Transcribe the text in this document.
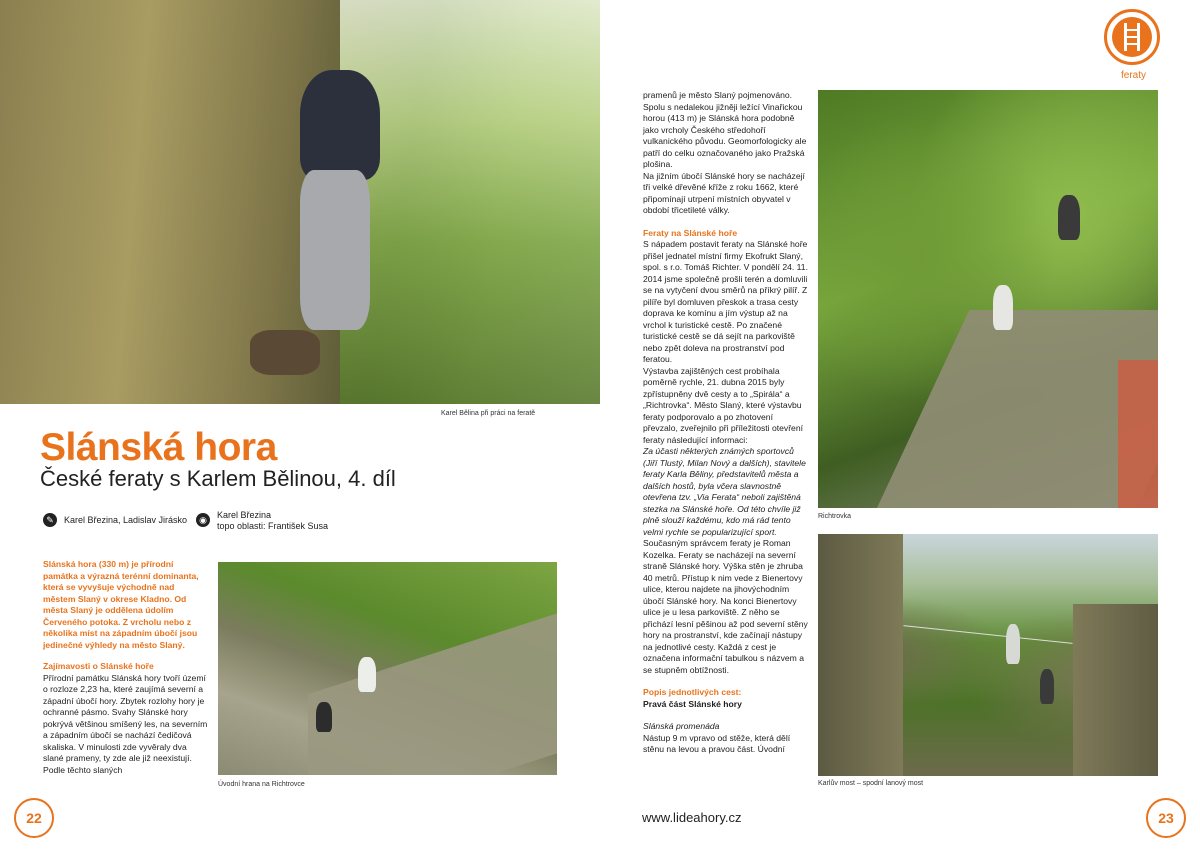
Karel Bělina při práci na feratě
Slánská hora
České feraty s Karlem Bělinou, 4. díl
✎	Karel Březina, Ladislav Jirásko	◉	Karel Březina
topo oblasti: František Susa

Slánská hora (330 m) je přírodní památka a výrazná terénní dominanta, která se vyvyšuje východně nad městem Slaný v okrese Kladno. Od města Slaný je oddělena údolím Červeného potoka. Z vrcholu nebo z několika míst na západním úbočí jsou jedinečné výhledy na město Slaný.

Zajímavosti o Slánské hoře

Přírodní památku Slánská hory tvoří území o rozloze 2,23 ha, které zaujímá severní a západní úbočí hory. Zbytek rozlohy hory je ochranné pásmo. Svahy Slánské hory pokrývá většinou smíšený les, na severním a západním úbočí se nachází čedičová skaliska. V minulosti zde vyvěraly dva slané prameny, ty zde ale již neexistují. Podle těchto slaných

Úvodní hrana na Richtrovce
22
feraty

pramenů je město Slaný pojmenováno. Spolu s nedalekou jižněji ležící Vinařickou horou (413 m) je Slánská hora podobně jako vrcholy Českého středohoří vulkanického původu. Geomorfologicky ale patří do celku označovaného jako Pražská plošina.

Na jižním úbočí Slánské hory se nacházejí tři velké dřevěné kříže z roku 1662, které připomínají utrpení místních obyvatel v období třicetileté války.

Feraty na Slánské hoře

S nápadem postavit feraty na Slánské hoře přišel jednatel místní firmy Ekofrukt Slaný, spol. s r.o. Tomáš Richter. V pondělí 24. 11. 2014 jsme společně prošli terén a domluvili se na vytyčení dvou směrů na příkrý pilíř. Z pilíře byl domluven přeskok a trasa cesty doprava ke komínu a jím výstup až na vrchol k turistické cestě. Po značené turistické cestě se dá sejít na parkoviště nebo zpět doleva na prostranství pod feratou.

Výstavba zajištěných cest probíhala poměrně rychle, 21. dubna 2015 byly zpřístupněny dvě cesty a to „Spirála“ a „Richtrovka“. Město Slaný, které výstavbu feraty podporovalo a po zhotovení převzalo, zveřejnilo při příležitosti otevření feraty následující informaci:

Za účasti některých známých sportovců (Jiří Tlustý, Milan Nový a dalších), stavitele feraty Karla Běliny, představitelů města a dalších hostů, byla včera slavnostně otevřena tzv. „Via Ferata“ neboli zajištěná stezka na Slánské hoře. Od této chvíle již plně slouží každému, kdo má rád tento velmi rychle se popularizující sport.

Současným správcem feraty je Roman Kozelka. Feraty se nacházejí na severní straně Slánské hory. Výška stěn je zhruba 40 metrů. Přístup k nim vede z Bienertovy ulice, kterou najdete na jihovýchodním úbočí Slánské hory. Na konci Bienertovy ulice je u lesa parkoviště. Z něho se přichází lesní pěšinou až pod severní stěny hory na prostranství, kde začínají nástupy na jednotlivé cesty. Každá z cest je označena informační tabulkou s názvem a se stupněm obtížnosti.

Popis jednotlivých cest:

Pravá část Slánské hory

Slánská promenáda

Nástup 9 m vpravo od stěže, která dělí stěnu na levou a pravou část. Úvodní

Richtrovka
Karlův most – spodní lanový most
www.lideahory.cz	23
